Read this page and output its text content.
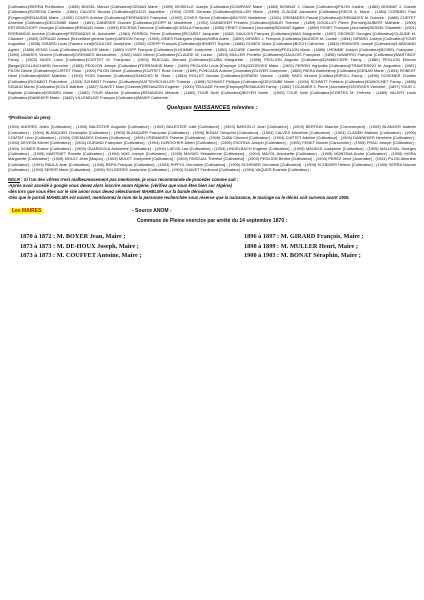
[Cultivateur]/SERRA Purification ; (1895) BOISEL Marcel [Cultivateur]/GENAN Marie ; (1899) BOISELLE Joseph [Cultivateur]/COMPANY Marie ; (1883) BONNAT J. Claude [Cultivateur]/PILON Justine ; (1883) BONNAT J. Claude [Cultivateur]/SOREDA Camille ; (1884) CALDES Nicolas [Cultivateur]/DOZZI Jaqueline ; (1904) CERE Germain [Cultivateur]/MULLER Marie ; (1899) CLAUDE Alexandre [Cultivateur]/GROS A. Marie ; (1884) CORBIEU Paul [Forgeron]/RENAUDIN Marie ; (1905) COVES Antoine [Cultivateur]/FERRANDIS Françoise ; (1902) COVES Simon [Cultivateur]/BOYER Madeleine ; (1901) CREMADES Pascal [Cultivateur]/CREMADES M. Dolorès ; (1888) CURTET Anselme [Cultivateur]/DECOMBE Marie ; (1891) DANEKER Charles [Cultivateur]/GOPP M. Madeleine ; (1902) DANNEKER Frédéric [Cultivateur]/BAUR Thérèse ; (1899) DOUILLET Pierre [Fermier]/AUBERT Mathilde ; (1900) ERTZBISCHOFF Georges [Cultivateur]/RENAUD Marie ; (1893) ESCRIVA Théodore [Cultivateur]/CATALA Françoise ; (1880) FENET Edouard [Journalier]/BONNAT Agathe ; (1889) FENET François [Journalier]/BOISEL Elisabeth ; (1901) FERRANDIS Antoine [Cultivateur]/FERRANDIS M. Antoinette ; (1881) FERRIOL Pierre [Cultivateur]/PICARDT Jacquette ; (1882) GAULOIS François [Cultivateur]/MAS Marguerite ; (1897) GEORGE Georges [Cultivateur]/CLAUDE M. Claudine ; (1883) GERAUD Aribaut [Surveillant général lycée]/JARDON Fanny ; (1905) GINES Rodrigues (Maçon)/MIRA Adèle ; (1890) GIRARD J. François [Cultivateur]/AUGIER M. Louise ; (1894) GIRARD Joseph [Cultivateur]/TOUR Augustine ; (1898) GIRARD Louis [Facteur rural]/GOULOIS Joséphine ; (1905) GOEPP François [Cultivateur]/HEMERT Sophie ; (1888) GOMES Victor [Cultivateur]/BOCH Catherine ; (1883) HININGER Joseph [Cultivateur]/LABIGAND Agnès ; (1889) KENIG Louis [Cultivateur]/MULLER Marie ; (1880) KOPP François [Cultivateur]/LHOMME Joséphine ; (1881) LACURIE Camille [Bourrelier]/PEGLION Marie ; (1886) LHOMME Joseph [Cultivateur]/BOISEL Françoise ; (1893) LINARES Vincent [Cultivateur]/CREMAÈS Alexandrine ; (1900) MAS Michel [Cultivateur]/CLAUDE M. Louise ; (1893) MULLER Frédéric [Cultivateur]/GAULOIS Françoise ; (1896) NAVARRO François [Cultivateur]/MARTINOT Fanny ; (1903) NUSS Louis [Cultivateur]/CURTET M. Françoise ; (1903) PASCUAL Bernard [Cultivateur]/CUBA Marguerite ; (1896) PEGLION Auguste [Cultivateur]/DANNECKER Fanny ; (1880) PEGLION Etienne [Berger]/COLLINCHARD Honorine ; (1883) PEGLION Joseph [Cultivateur]/FERRANDIS Marie ; (1899) PEGLION Louis [Employé CFA]/GEORGES Marie ; (1902) PERRIN Hyppolite [Cultivateur]/TRAVERSINO M. Augustine ; (1887) PILON Désiré [Cultivateur]/CURTET Rose ; (1900) PILON Désiré [Cultivateur]/CURTET Rose Cécile ; (1899) PONCADA Antoine [Journalier]/OLIVER Joséphine ; (1889) RIERA Barthélémy [Cultivateur]/GENAN Marie ; (1894) ROBERT Henri [Cultivateur]/MAS Mathilde ; (1900) ROIG Sauveur [Cultivateur]/SANCHIS M. Rose ; (1884) ROLLET Nicolas [Cultivateur]/GIRARD Victoire ; (1898) SAES Vincent [Coiffeur]/RIPOLL Fanny ; (1896) SCHEMER Charles [Cultivateur]/SCHMIDT Philomène ; (1903) SCHMIDT Frédéric [Cultivateur]/HATTENSCHILLER Thérèse ; (1898) SCHMIDT Philippe [Cultivateur]/DECOMBE Marie ; (1904) SCHMITT Frédéric [Cultivateur]/DUBOCHET Fanny ; (1888) SIGAUD Martin [Cultivateur]/COLS Bathilde ; (1887) SUAVET Marc [Cuisinier]/RENAUDIN Eugénie ; (1900) TEULADE Firmin [Employé]/RENAUDIN Fanny ; (1882) TOCANIER J. Pierre [Journalier]/GEORGES Victorine ; (1897) TOUR J. Baptiste [Cultivateur]/GIRARD Marie ; (1882) TOUR Maurice [Cultivateur]/RENAUDIN Mélanie ; (1882) TOUR Noël [Cultivateur]/BOYER Marie ; (1902) TOUR Noël [Cultivateur]/CORTES M. Thérèse ; (1889) VALERY Louis [Cultivateur]/DANEKER Marie ; (1882) VILLENEUVE François [Cultivateur]/MASIP Catherine ;

Quelques NAISSANCES relevées :
*(Profession du père)

(1904) ANDRES Julien [Cultivateur] ; (1905) BALESTER Augustin [Cultivateur] ; (1903) BALESTER Julie [Cultivateur] ; (1903) BARCELO Jean [Cultivateur] ; (1903) BERTINO Maurice [Commerçant] ; (1905) BLANCER Isabelle [Cultivateur] ; (1904) BLANQUER Christophe [Cultivateur] ; (1905) BLANQUER Françoise [Cultivateur] ; (1905) BONAT Séraphin [Cultivateur] ; (1904) CALVES Micheline [Cultivateur] ; (1904) CLADER Mathieu [Cultivateur] ; (1905) COMTAT Léon [Cultivateur] ; (1904) CREMADES Dolorès [Cultivateur] ; (1904) CREMADES Thérèse [Cultivateur] ; (1905) CUBA Clément [Cultivateur] ; (1904) CURTET Adeline [Cultivateur] ; (1904) DANNEKER Henriette [Cultivateur] ; (1904) DEVESA Michel [Cultivateur] ; (1904) DURAND Françoise [Cultivateur] ; (1904) DUROCHER Albert [Cultivateur] ; (1905) ESCRIVA Joseph [Cultivateur] ; (1905) FENET Marcel [Cantonnier] ; (1905) FRAU Joseph [Cultivateur] ; (1904) GOMES Rosine [Cultivateur] ; (1905) GUARDIOLA Antoinette [Cultivateur] ; (1904) LAFON Léa [Cultivateur] ; (1904) LINGELBACH Eugénie [Cultivateur] ; (1905) MALBOS Joséphine [Cultivateur] ; (1905) MALLEVAL Georges [Cultivateur] ; (1905) MARTINET Rosette [Cultivateur] ; (1904) MAS Joseph [Cultivateur] ; (1905) MAYMO Sébastienne [Cultivateur] ; (1904) MAYOL Antoinette [Cultivateur] ; (1905) MONTAVA André [Cultivateur] ; (1905) MORA Marguerite [Cultivateur] ; (1905) MOULY Jean [Maçon] ; (1903) MULET Joséphine [Cultivateur] ; (1903) PASCUAL Thérèse [Cultivateur] ; (1903) PEGLION Berthe [Cultivateur] ; (1903) PEREZ Irène [Journalier] ; (1904) PILON Albertine [Cultivateur] ; (1903) RAULA Jean [Cultivateur] ; (1905) RERA François [Cultivateur] ; (1903) RIPPOL Germaine [Cultivateur] ; (1905) SCHEMER Germaine [Cultivateur] ; (1905) SCHEMER Hélène [Cultivateur] ; (1905) SERRA Manuel [Cultivateur] ; (1903) SERER Marie [Cultivateur] ; (1905) SOLIVERES Joséphine [Cultivateur] ; (1903) SUAVET Ferdinand [Cultivateur] ; (1904) VAQUER Evariste [Cultivateur] ;

NDLR : Si l'un des vôtres n'est malheureusement pas mentionné, je vous recommande de procéder comme suit :
-Après avoir accédé à google vous devez alors inscrire anom Algérie, (vérifiez que vous êtes bien sur Algérie)
-dès lors que vous êtes sur le site anom vous devez sélectionner MAHELMA sur la bande déroulante.
-Dès que le portail MAHELMA est ouvert, mentionnez le nom de la personne recherchée sous réserve que la naissance, le mariage ou le décès soit survenu avant 1905.
Les MAIRES	- Source ANOM -
Commune de Pleine exercice par arrêté du 14 septembre 1870 :
1870 à 1872 : M. BOYER Jean, Maire ;
1873 à 1873 : M. DE-HOUX Joseph, Maire ;
1873 à 1873 : M. COUFFET Antoine, Maire ;
1896 à 1897 : M. GIRARD François, Maire ;
1898 à 1899 : M. MULLER Henri, Maire ;
1900 à 1903 : M. BONAT Séraphin, Maire ;
